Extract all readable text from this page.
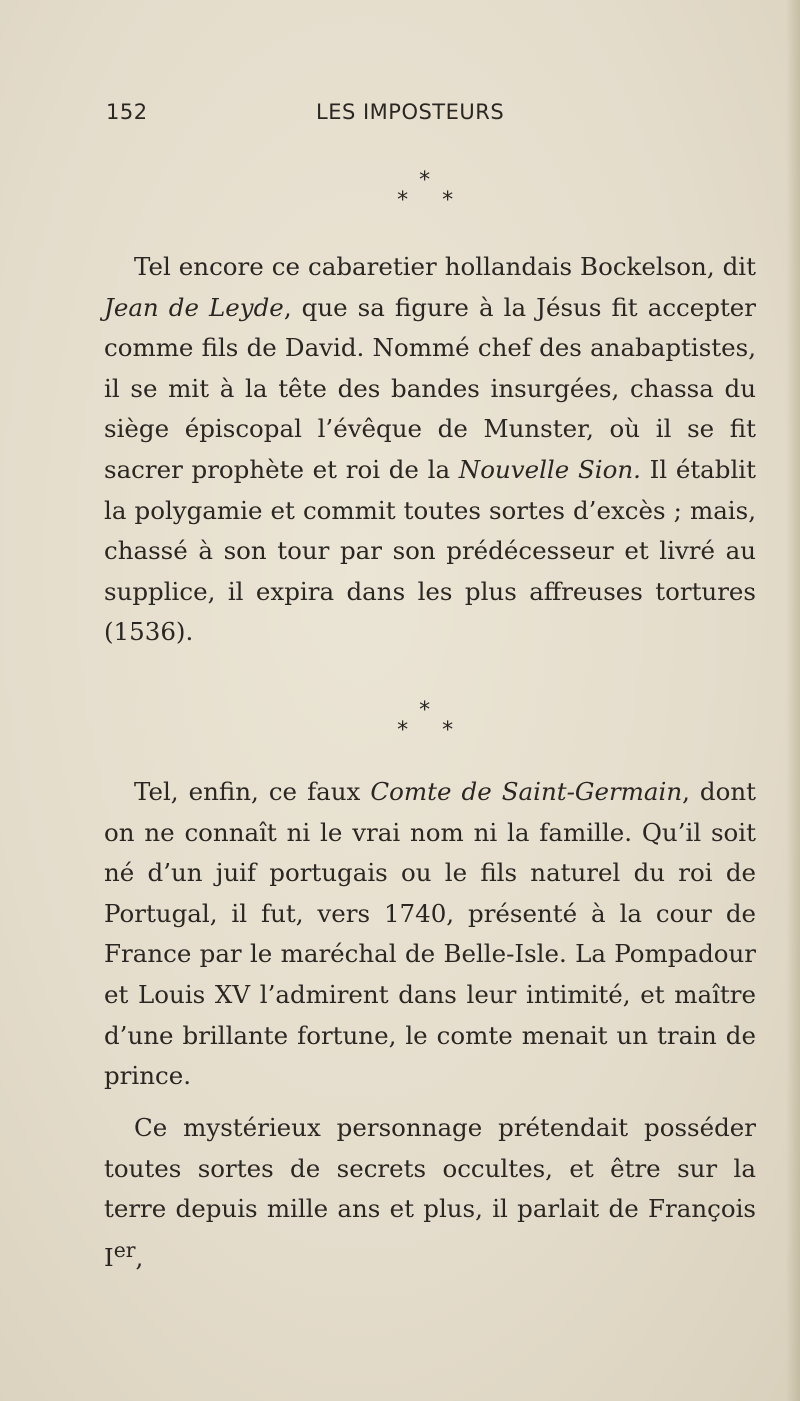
152	LES IMPOSTEURS
*
* *

Tel encore ce cabaretier hollandais Bockelson, dit Jean de Leyde, que sa figure à la Jésus fit accepter comme fils de David. Nommé chef des anabaptistes, il se mit à la tête des bandes insurgées, chassa du siège épiscopal l’évêque de Munster, où il se fit sacrer prophète et roi de la Nouvelle Sion. Il établit la polygamie et commit toutes sortes d’excès ; mais, chassé à son tour par son prédécesseur et livré au supplice, il expira dans les plus affreuses tortures (1536).

*
* *

Tel, enfin, ce faux Comte de Saint-Germain, dont on ne connaît ni le vrai nom ni la famille. Qu’il soit né d’un juif portugais ou le fils naturel du roi de Portugal, il fut, vers 1740, présenté à la cour de France par le maréchal de Belle-Isle. La Pompadour et Louis XV l’admirent dans leur intimité, et maître d’une brillante fortune, le comte menait un train de prince.

Ce mystérieux personnage prétendait posséder toutes sortes de secrets occultes, et être sur la terre depuis mille ans et plus, il parlait de François Ier,
